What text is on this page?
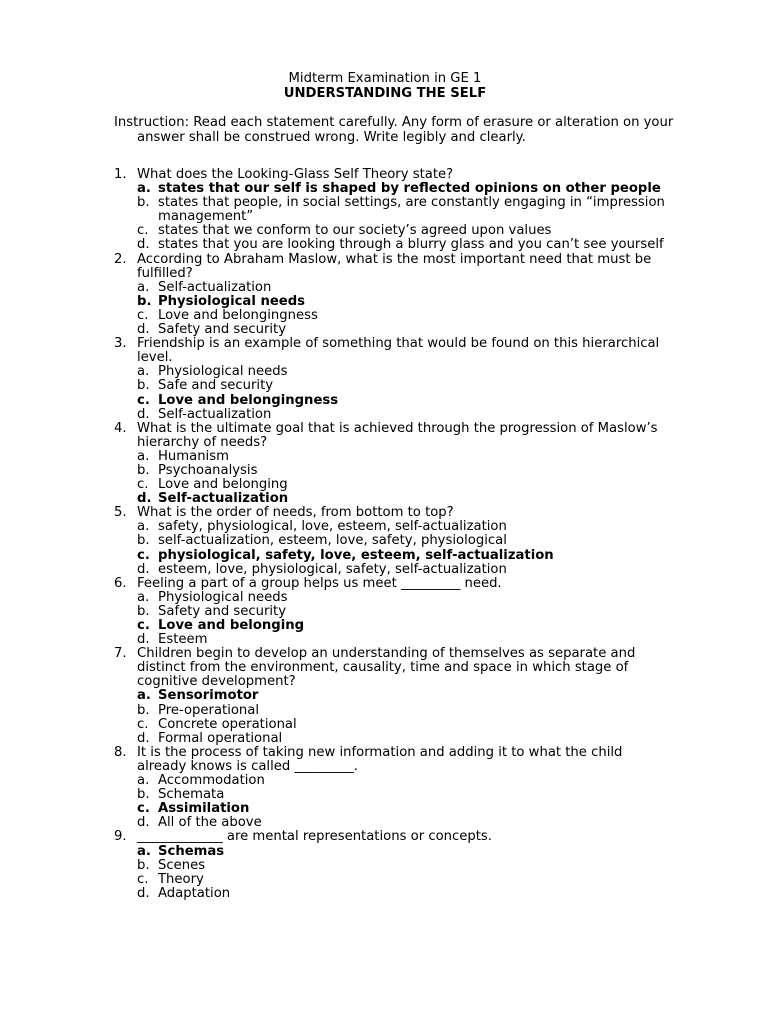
Midterm Examination in GE 1
UNDERSTANDING THE SELF
Instruction: Read each statement carefully. Any form of erasure or alteration on your answer shall be construed wrong. Write legibly and clearly.
1. What does the Looking-Glass Self Theory state?
a. states that our self is shaped by reflected opinions on other people
b. states that people, in social settings, are constantly engaging in “impression management”
c. states that we conform to our society’s agreed upon values
d. states that you are looking through a blurry glass and you can’t see yourself
2. According to Abraham Maslow, what is the most important need that must be fulfilled?
a. Self-actualization
b. Physiological needs
c. Love and belongingness
d. Safety and security
3. Friendship is an example of something that would be found on this hierarchical level.
a. Physiological needs
b. Safe and security
c. Love and belongingness
d. Self-actualization
4. What is the ultimate goal that is achieved through the progression of Maslow’s hierarchy of needs?
a. Humanism
b. Psychoanalysis
c. Love and belonging
d. Self-actualization
5. What is the order of needs, from bottom to top?
a. safety, physiological, love, esteem, self-actualization
b. self-actualization, esteem, love, safety, physiological
c. physiological, safety, love, esteem, self-actualization
d. esteem, love, physiological, safety, self-actualization
6. Feeling a part of a group helps us meet _________ need.
a. Physiological needs
b. Safety and security
c. Love and belonging
d. Esteem
7. Children begin to develop an understanding of themselves as separate and distinct from the environment, causality, time and space in which stage of cognitive development?
a. Sensorimotor
b. Pre-operational
c. Concrete operational
d. Formal operational
8. It is the process of taking new information and adding it to what the child already knows is called _________.
a. Accommodation
b. Schemata
c. Assimilation
d. All of the above
9. _____________ are mental representations or concepts.
a. Schemas
b. Scenes
c. Theory
d. Adaptation
